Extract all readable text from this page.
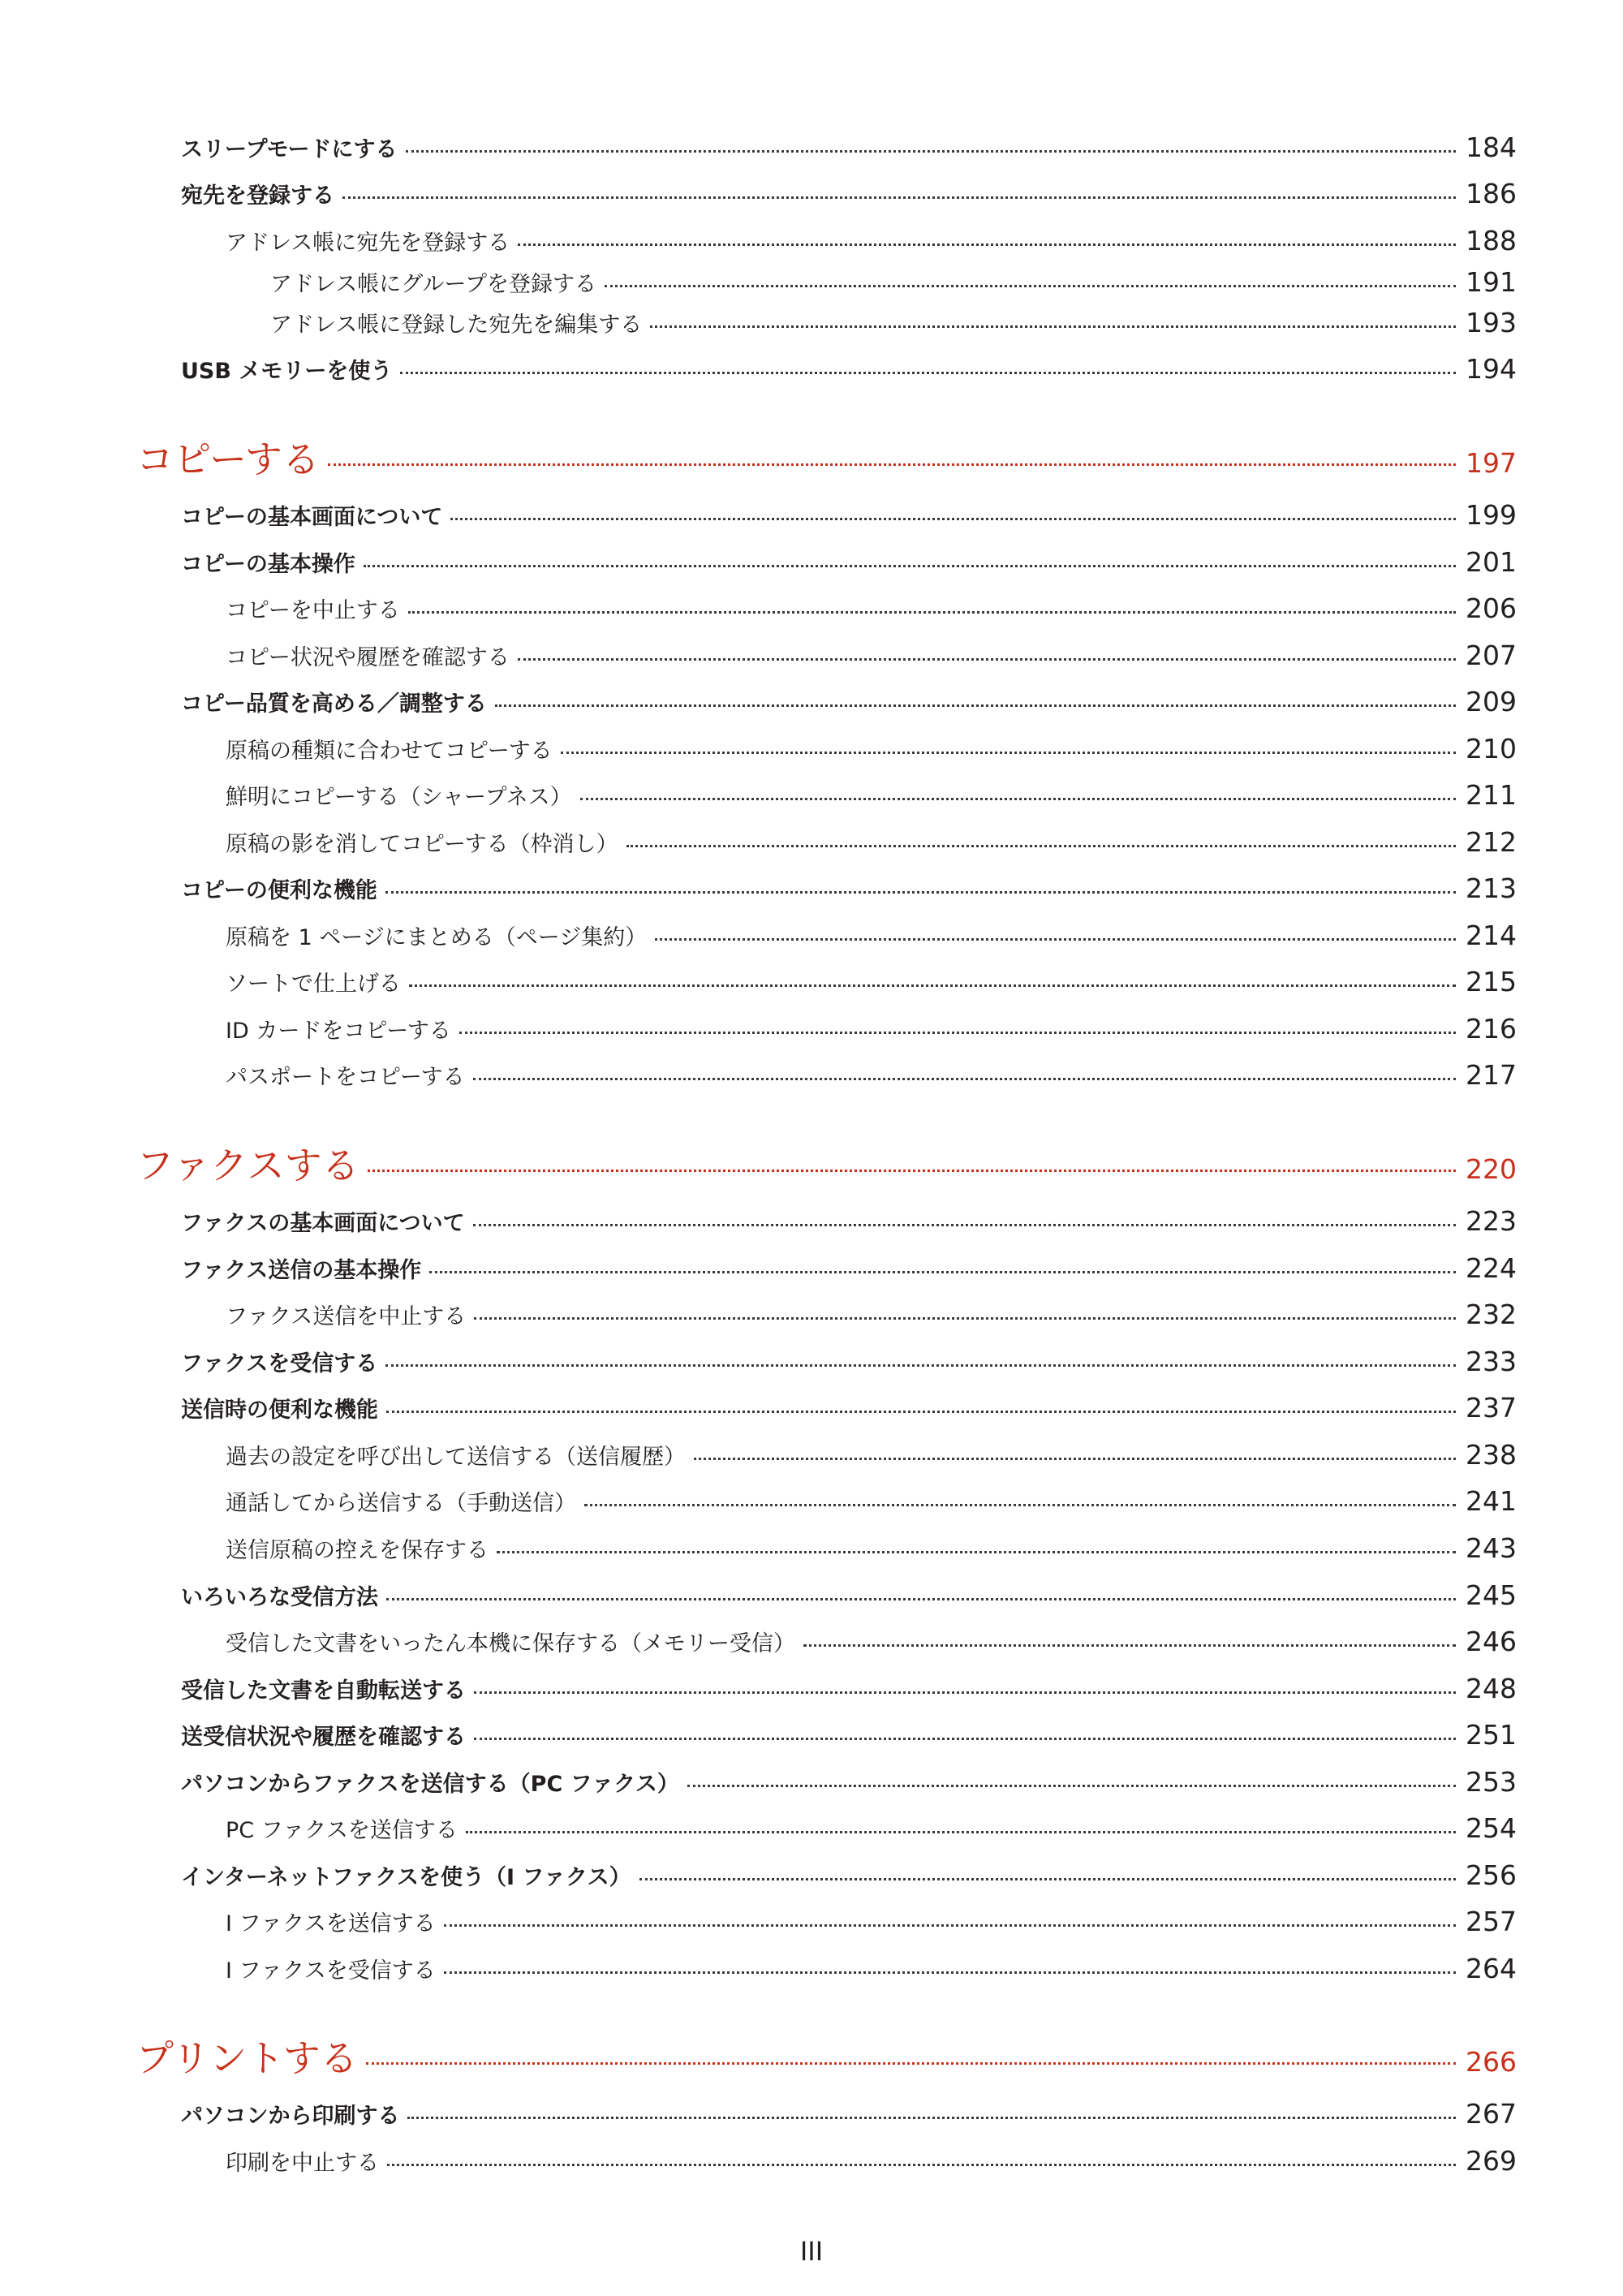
スリープモードにする	184
宛先を登録する	186
アドレス帳に宛先を登録する	188
アドレス帳にグループを登録する	191
アドレス帳に登録した宛先を編集する	193
USB メモリーを使う	194
コピーする	197
コピーの基本画面について	199
コピーの基本操作	201
コピーを中止する	206
コピー状況や履歴を確認する	207
コピー品質を高める／調整する	209
原稿の種類に合わせてコピーする	210
鮮明にコピーする（シャープネス）	211
原稿の影を消してコピーする（枠消し）	212
コピーの便利な機能	213
原稿を 1 ページにまとめる（ページ集約）	214
ソートで仕上げる	215
ID カードをコピーする	216
パスポートをコピーする	217
ファクスする	220
ファクスの基本画面について	223
ファクス送信の基本操作	224
ファクス送信を中止する	232
ファクスを受信する	233
送信時の便利な機能	237
過去の設定を呼び出して送信する（送信履歴）	238
通話してから送信する（手動送信）	241
送信原稿の控えを保存する	243
いろいろな受信方法	245
受信した文書をいったん本機に保存する（メモリー受信）	246
受信した文書を自動転送する	248
送受信状況や履歴を確認する	251
パソコンからファクスを送信する（PC ファクス）	253
PC ファクスを送信する	254
インターネットファクスを使う（I ファクス）	256
I ファクスを送信する	257
I ファクスを受信する	264
プリントする	266
パソコンから印刷する	267
印刷を中止する	269
III
